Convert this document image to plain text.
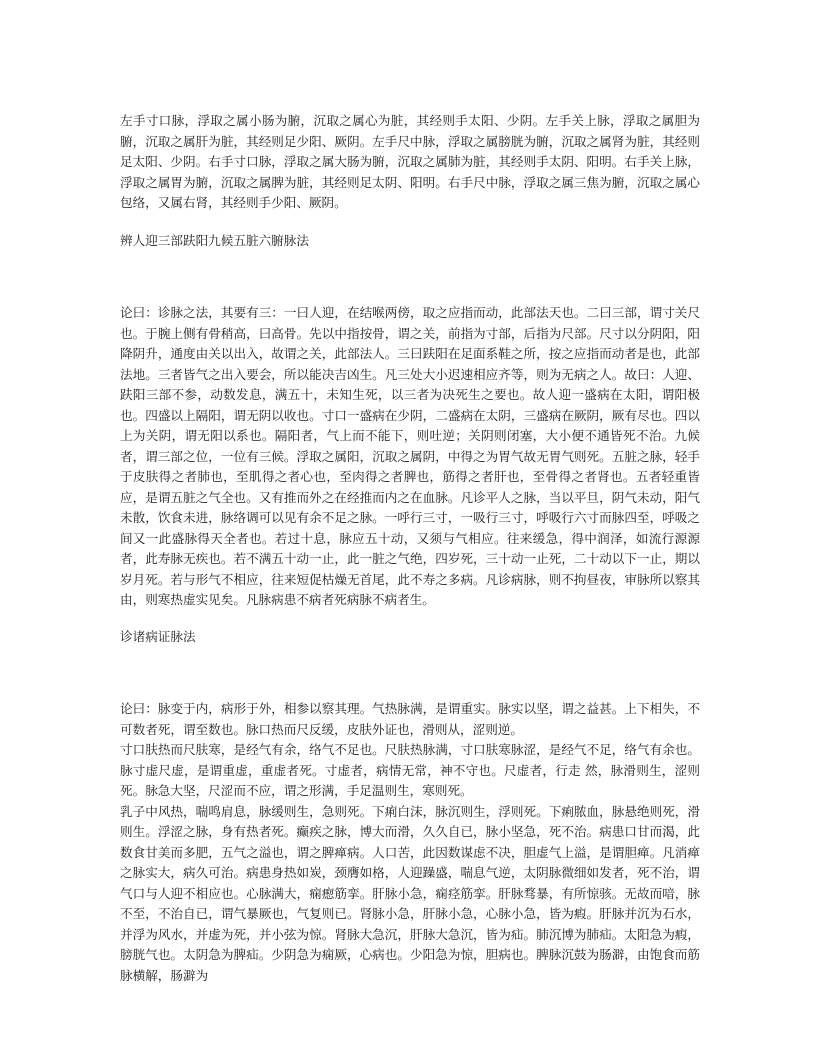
左手寸口脉，浮取之属小肠为腑，沉取之属心为脏，其经则手太阳、少阴。左手关上脉，浮取之属胆为腑，沉取之属肝为脏，其经则足少阳、厥阴。左手尺中脉，浮取之属膀胱为腑，沉取之属肾为脏，其经则足太阳、少阴。右手寸口脉，浮取之属大肠为腑，沉取之属肺为脏，其经则手太阴、阳明。右手关上脉，浮取之属胃为腑，沉取之属脾为脏，其经则足太阴、阳明。右手尺中脉，浮取之属三焦为腑，沉取之属心包络，又属右肾，其经则手少阳、厥阴。

辨人迎三部趺阳九候五脏六腑脉法

论曰：诊脉之法，其要有三：一曰人迎，在结喉两傍，取之应指而动，此部法天也。二曰三部，谓寸关尺也。于腕上侧有骨稍高，曰高骨。先以中指按骨，谓之关，前指为寸部，后指为尺部。尺寸以分阴阳，阳降阴升，通度由关以出入，故谓之关，此部法人。三曰趺阳在足面系鞋之所，按之应指而动者是也，此部法地。三者皆气之出入要会，所以能决吉凶生。凡三处大小迟速相应齐等，则为无病之人。故曰：人迎、趺阳三部不参，动数发息，满五十，未知生死，以三者为决死生之要也。故人迎一盛病在太阳，谓阳极也。四盛以上隔阳，谓无阴以收也。寸口一盛病在少阴，二盛病在太阴，三盛病在厥阴，厥有尽也。四以上为关阴，谓无阳以系也。隔阳者，气上而不能下，则吐逆；关阴则闭塞，大小便不通皆死不治。九候者，谓三部之位，一位有三候。浮取之属阳，沉取之属阴，中得之为胃气故无胃气则死。五脏之脉，轻手于皮肤得之者肺也，至肌得之者心也，至肉得之者脾也，筋得之者肝也，至骨得之者肾也。五者轻重皆应，是谓五脏之气全也。又有推而外之在经推而内之在血脉。凡诊平人之脉，当以平旦，阴气未动，阳气未散，饮食未进，脉络调可以见有余不足之脉。一呼行三寸，一吸行三寸，呼吸行六寸而脉四至，呼吸之间又一此盛脉得天全者也。若过十息，脉应五十动，又须与气相应。往来缓急，得中润泽，如流行源源者，此寿脉无疾也。若不满五十动一止，此一脏之气绝，四岁死，三十动一止死，二十动以下一止，期以岁月死。若与形气不相应，往来短促枯燥无首尾，此不寿之多病。凡诊病脉，则不拘昼夜，审脉所以察其由，则寒热虚实见矣。凡脉病患不病者死病脉不病者生。

诊诸病证脉法

论曰：脉变于内，病形于外，相参以察其理。气热脉满，是谓重实。脉实以坚，谓之益甚。上下相失，不可数者死，谓至数也。脉口热而尺反缓，皮肤外证也，滑则从，涩则逆。

寸口肤热而尺肤寒，是经气有余，络气不足也。尺肤热脉满，寸口肤寒脉涩，是经气不足，络气有余也。脉寸虚尺虚，是谓重虚，重虚者死。寸虚者，病情无常，神不守也。尺虚者，行走 然，脉滑则生，涩则死。脉急大坚，尺涩而不应，谓之形满，手足温则生，寒则死。

乳子中风热，喘鸣肩息，脉缓则生，急则死。下痢白沫，脉沉则生，浮则死。下痢脓血，脉悬绝则死，滑则生。浮涩之脉，身有热者死。癫疾之脉，博大而滑，久久自已，脉小坚急，死不治。病患口甘而渴，此数食甘美而多肥，五气之溢也，谓之脾瘅病。人口苦，此因数谋虑不决，胆虚气上溢，是谓胆瘅。凡消瘅之脉实大，病久可治。病患身热如炭，颈膺如格，人迎躁盛，喘息气逆，太阴脉微细如发者，死不治，谓气口与人迎不相应也。心脉满大，痫瘛筋挛。肝脉小急，痫痉筋挛。肝脉骛暴，有所惊骇。无故而喑，脉不至，不治自已，谓气暴厥也，气复则已。肾脉小急，肝脉小急，心脉小急，皆为瘕。肝脉并沉为石水，并浮为风水，并虚为死，并小弦为惊。肾脉大急沉，肝脉大急沉，皆为疝。肺沉博为肺疝。太阳急为瘕，膀胱气也。太阴急为脾疝。少阴急为痫厥，心病也。少阳急为惊，胆病也。脾脉沉鼓为肠澼，由饱食而筋脉横解，肠澼为
